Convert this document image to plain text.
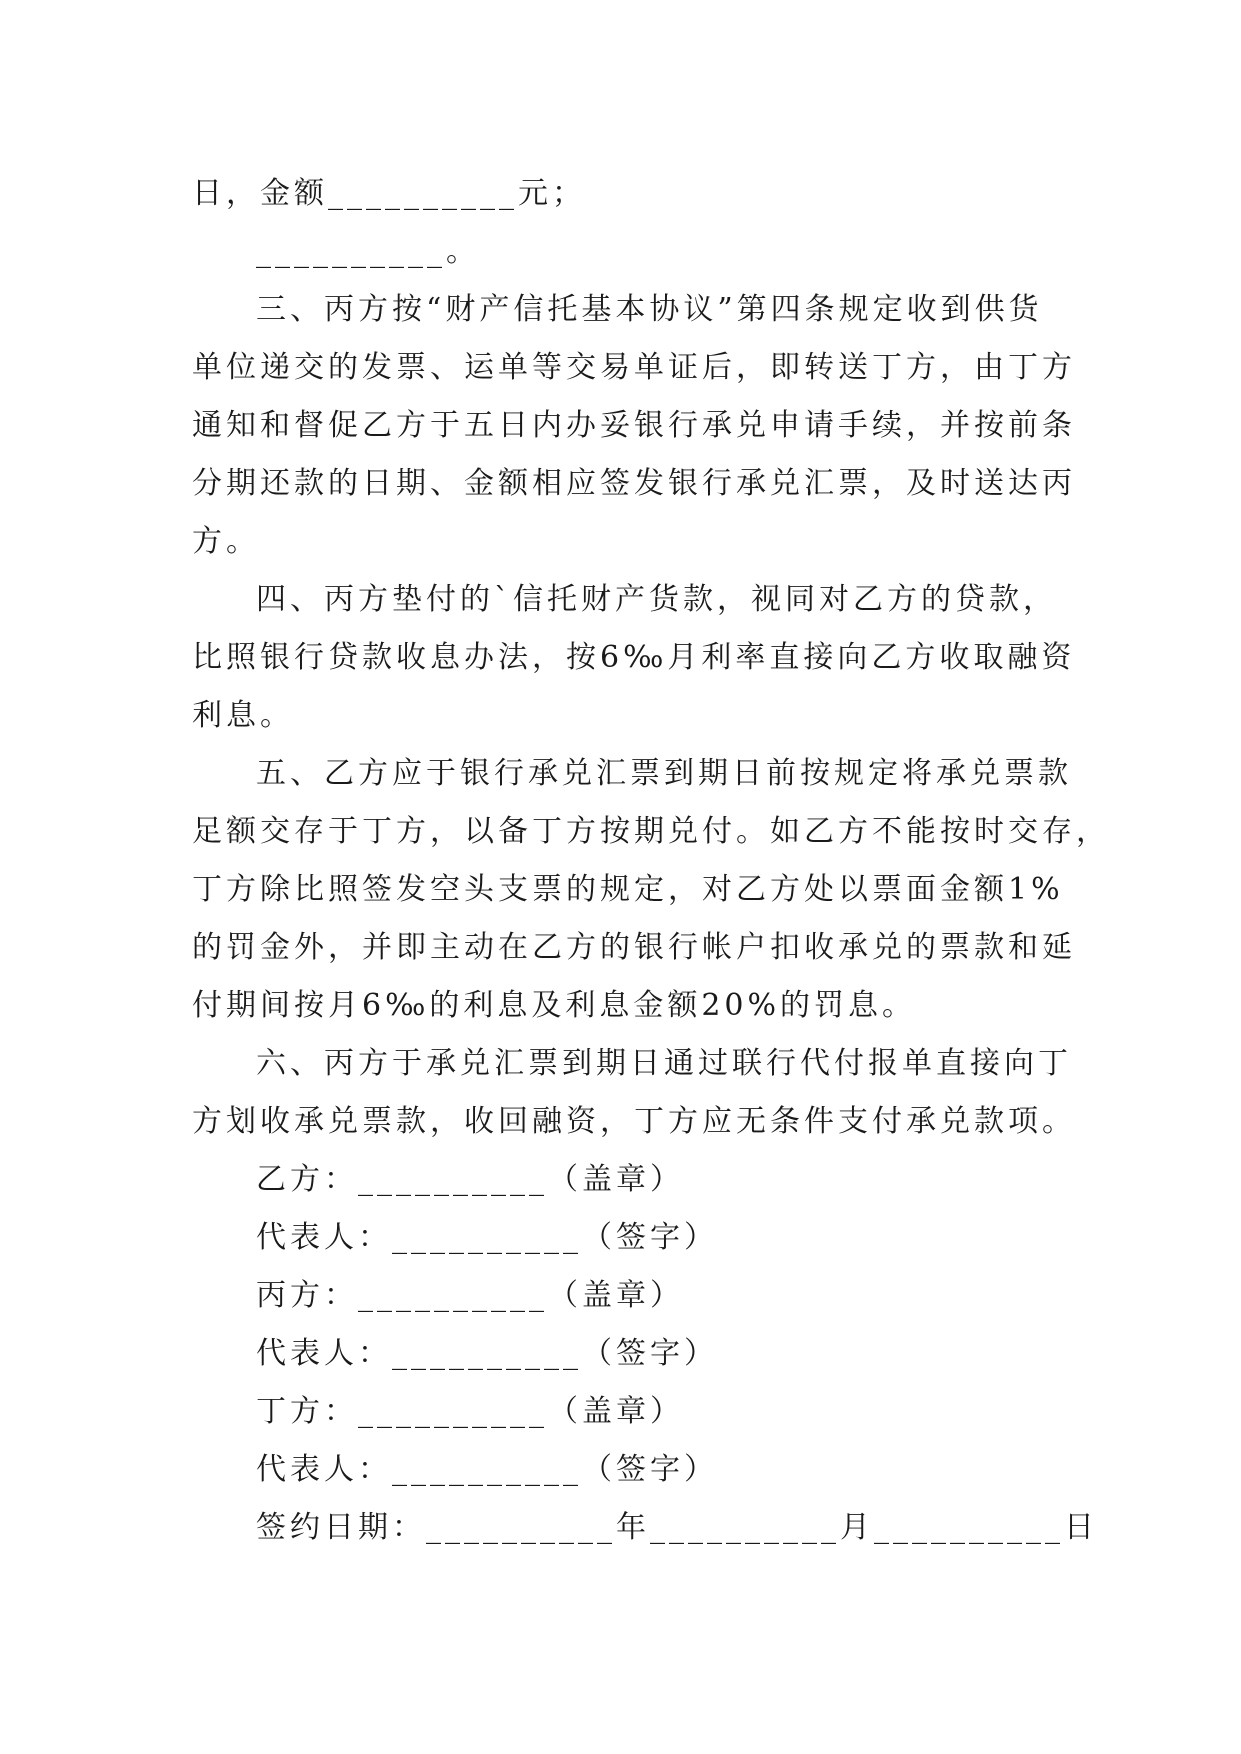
日，金额__________元；
__________。
三、丙方按“财产信托基本协议”第四条规定收到供货
单位递交的发票、运单等交易单证后，即转送丁方，由丁方
通知和督促乙方于五日内办妥银行承兑申请手续，并按前条
分期还款的日期、金额相应签发银行承兑汇票，及时送达丙
方。
四、丙方垫付的`信托财产货款，视同对乙方的贷款，
比照银行贷款收息办法，按6‰月利率直接向乙方收取融资
利息。
五、乙方应于银行承兑汇票到期日前按规定将承兑票款
足额交存于丁方，以备丁方按期兑付。如乙方不能按时交存，
丁方除比照签发空头支票的规定，对乙方处以票面金额1%
的罚金外，并即主动在乙方的银行帐户扣收承兑的票款和延
付期间按月6‰的利息及利息金额20%的罚息。
六、丙方于承兑汇票到期日通过联行代付报单直接向丁
方划收承兑票款，收回融资，丁方应无条件支付承兑款项。
乙方：__________（盖章）
代表人：__________（签字）
丙方：__________（盖章）
代表人：__________（签字）
丁方：__________（盖章）
代表人：__________（签字）
签约日期：__________年__________月__________日
